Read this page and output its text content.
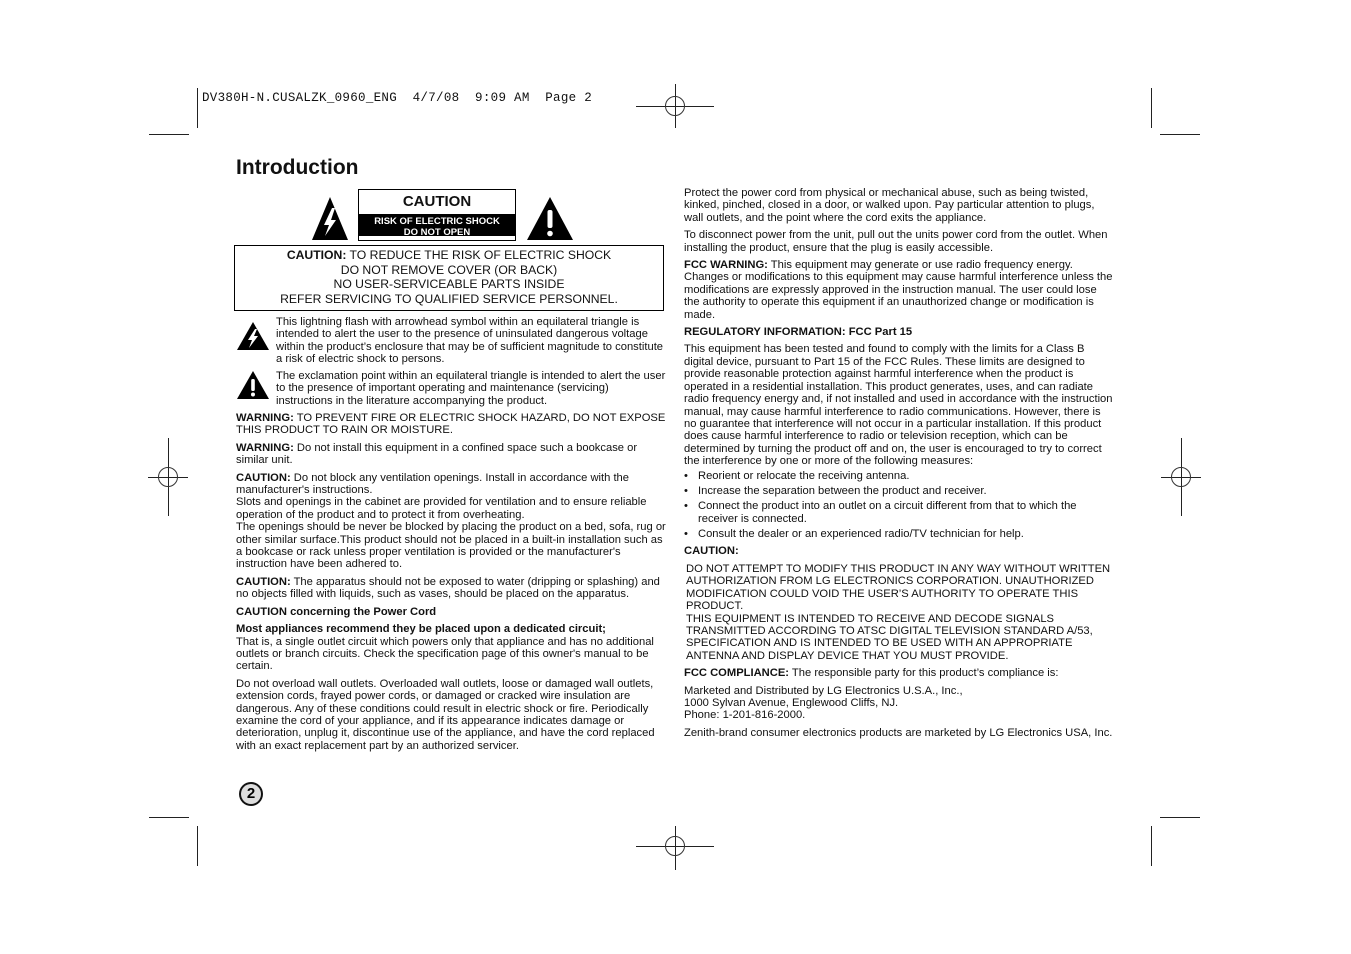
DV380H-N.CUSALZK_0960_ENG  4/7/08  9:09 AM  Page 2
Introduction
CAUTION
RISK OF ELECTRIC SHOCK
DO NOT OPEN
CAUTION: TO REDUCE THE RISK OF ELECTRIC SHOCK
DO NOT REMOVE COVER (OR BACK)
NO USER-SERVICEABLE PARTS INSIDE
REFER SERVICING TO QUALIFIED SERVICE PERSONNEL.
This lightning flash with arrowhead symbol within an equilateral triangle is intended to alert the user to the presence of uninsulated dangerous voltage within the product’s enclosure that may be of sufficient magnitude to constitute a risk of electric shock to persons.
The exclamation point within an equilateral triangle is intended to alert the user to the presence of important operating and maintenance (servicing) instructions in the literature accompanying the product.

WARNING: TO PREVENT FIRE OR ELECTRIC SHOCK HAZARD, DO NOT EXPOSE THIS PRODUCT TO RAIN OR MOISTURE.

WARNING: Do not install this equipment in a confined space such a bookcase or similar unit.

CAUTION: Do not block any ventilation openings. Install in accordance with the manufacturer's instructions.

Slots and openings in the cabinet are provided for ventilation and to ensure reliable operation of the product and to protect it from overheating.

The openings should be never be blocked by placing the product on a bed, sofa, rug or other similar surface.This product should not be placed in a built-in installation such as a bookcase or rack unless proper ventilation is provided or the manufacturer's instruction have been adhered to.

CAUTION: The apparatus should not be exposed to water (dripping or splashing) and no objects filled with liquids, such as vases, should be placed on the apparatus.

CAUTION concerning the Power Cord

Most appliances recommend they be placed upon a dedicated circuit;

That is, a single outlet circuit which powers only that appliance and has no additional outlets or branch circuits. Check the specification page of this owner's manual to be certain.

Do not overload wall outlets. Overloaded wall outlets, loose or damaged wall outlets, extension cords, frayed power cords, or damaged or cracked wire insulation are dangerous. Any of these conditions could result in electric shock or fire. Periodically examine the cord of your appliance, and if its appearance indicates damage or deterioration, unplug it, discontinue use of the appliance, and have the cord replaced with an exact replacement part by an authorized servicer.

Protect the power cord from physical or mechanical abuse, such as being twisted, kinked, pinched, closed in a door, or walked upon. Pay particular attention to plugs, wall outlets, and the point where the cord exits the appliance.

To disconnect power from the unit, pull out the units power cord from the outlet. When installing the product, ensure that the plug is easily accessible.

FCC WARNING: This equipment may generate or use radio frequency energy. Changes or modifications to this equipment may cause harmful interference unless the modifications are expressly approved in the instruction manual. The user could lose the authority to operate this equipment if an unauthorized change or modification is made.

REGULATORY INFORMATION: FCC Part 15

This equipment has been tested and found to comply with the limits for a Class B digital device, pursuant to Part 15 of the FCC Rules. These limits are designed to provide reasonable protection against harmful interference when the product is operated in a residential installation. This product generates, uses, and can radiate radio frequency energy and, if not installed and used in accordance with the instruction manual, may cause harmful interference to radio communications. However, there is no guarantee that interference will not occur in a particular installation. If this product does cause harmful interference to radio or television reception, which can be determined by turning the product off and on, the user is encouraged to try to correct the interference by one or more of the following measures:

• Reorient or relocate the receiving antenna.
• Increase the separation between the product and receiver.
• Connect the product into an outlet on a circuit different from that to which the receiver is connected.
• Consult the dealer or an experienced radio/TV technician for help.

CAUTION:

DO NOT ATTEMPT TO MODIFY THIS PRODUCT IN ANY WAY WITHOUT WRITTEN AUTHORIZATION FROM LG ELECTRONICS CORPORATION. UNAUTHORIZED MODIFICATION COULD VOID THE USER’S AUTHORITY TO OPERATE THIS PRODUCT.

THIS EQUIPMENT IS INTENDED TO RECEIVE AND DECODE SIGNALS TRANSMITTED ACCORDING TO ATSC DIGITAL TELEVISION STANDARD A/53, SPECIFICATION AND IS INTENDED TO BE USED WITH AN APPROPRIATE ANTENNA AND DISPLAY DEVICE THAT YOU MUST PROVIDE.

FCC COMPLIANCE: The responsible party for this product’s compliance is:

Marketed and Distributed by LG Electronics U.S.A., Inc.,
1000 Sylvan Avenue, Englewood Cliffs, NJ.
Phone: 1-201-816-2000.

Zenith-brand consumer electronics products are marketed by LG Electronics USA, Inc.

2
